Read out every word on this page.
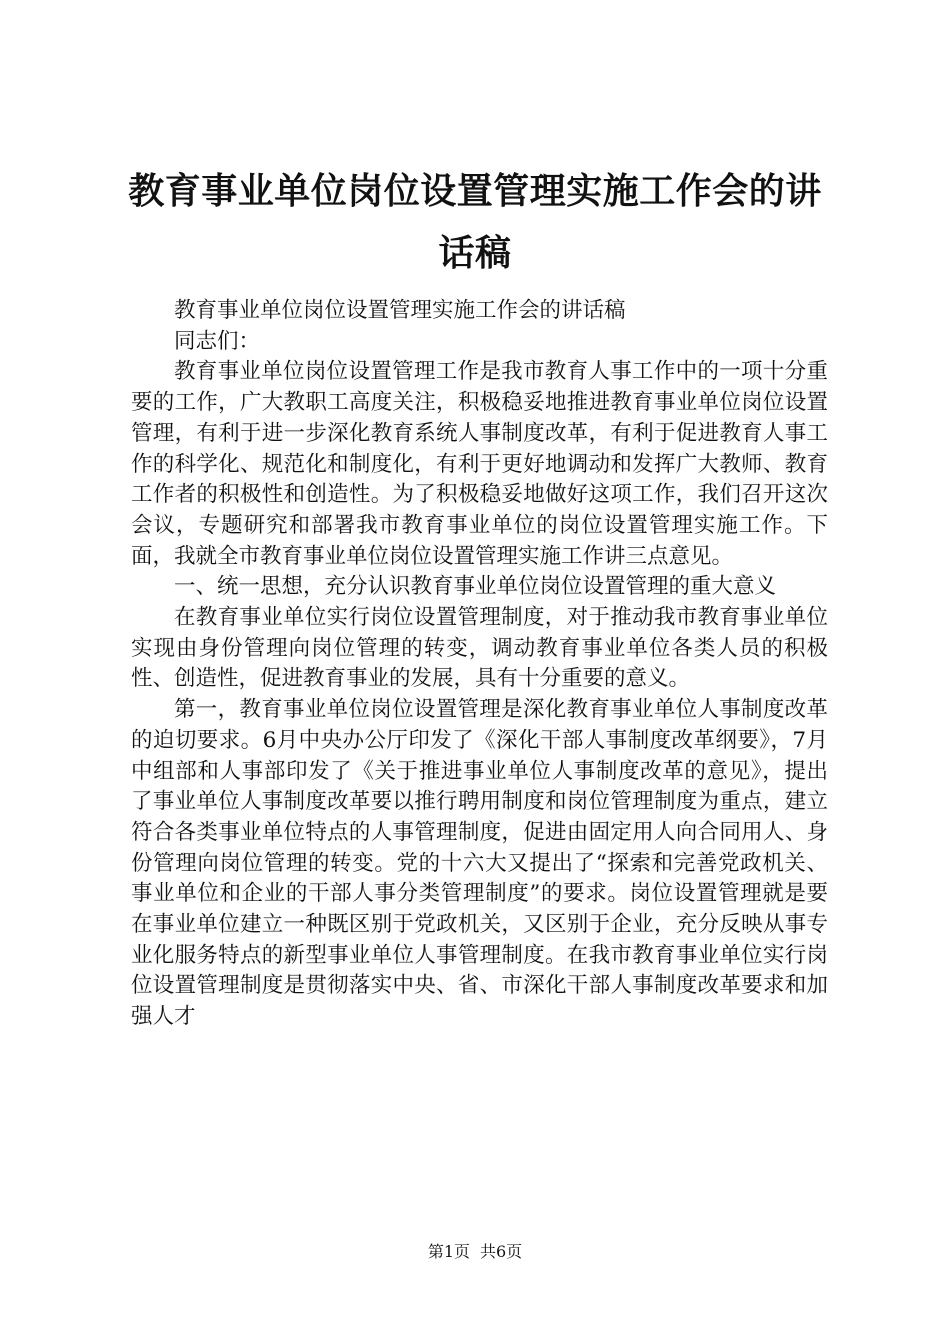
教育事业单位岗位设置管理实施工作会的讲话稿

教育事业单位岗位设置管理实施工作会的讲话稿

同志们：

教育事业单位岗位设置管理工作是我市教育人事工作中的一项十分重要的工作，广大教职工高度关注，积极稳妥地推进教育事业单位岗位设置管理，有利于进一步深化教育系统人事制度改革，有利于促进教育人事工作的科学化、规范化和制度化，有利于更好地调动和发挥广大教师、教育工作者的积极性和创造性。为了积极稳妥地做好这项工作，我们召开这次会议，专题研究和部署我市教育事业单位的岗位设置管理实施工作。下面，我就全市教育事业单位岗位设置管理实施工作讲三点意见。

一、统一思想，充分认识教育事业单位岗位设置管理的重大意义

在教育事业单位实行岗位设置管理制度，对于推动我市教育事业单位实现由身份管理向岗位管理的转变，调动教育事业单位各类人员的积极性、创造性，促进教育事业的发展，具有十分重要的意义。

第一，教育事业单位岗位设置管理是深化教育事业单位人事制度改革的迫切要求。6月中央办公厅印发了《深化干部人事制度改革纲要》，7月中组部和人事部印发了《关于推进事业单位人事制度改革的意见》，提出了事业单位人事制度改革要以推行聘用制度和岗位管理制度为重点，建立符合各类事业单位特点的人事管理制度，促进由固定用人向合同用人、身份管理向岗位管理的转变。党的十六大又提出了“探索和完善党政机关、事业单位和企业的干部人事分类管理制度”的要求。岗位设置管理就是要在事业单位建立一种既区别于党政机关，又区别于企业，充分反映从事专业化服务特点的新型事业单位人事管理制度。在我市教育事业单位实行岗位设置管理制度是贯彻落实中央、省、市深化干部人事制度改革要求和加强人才

第1页 共6页
